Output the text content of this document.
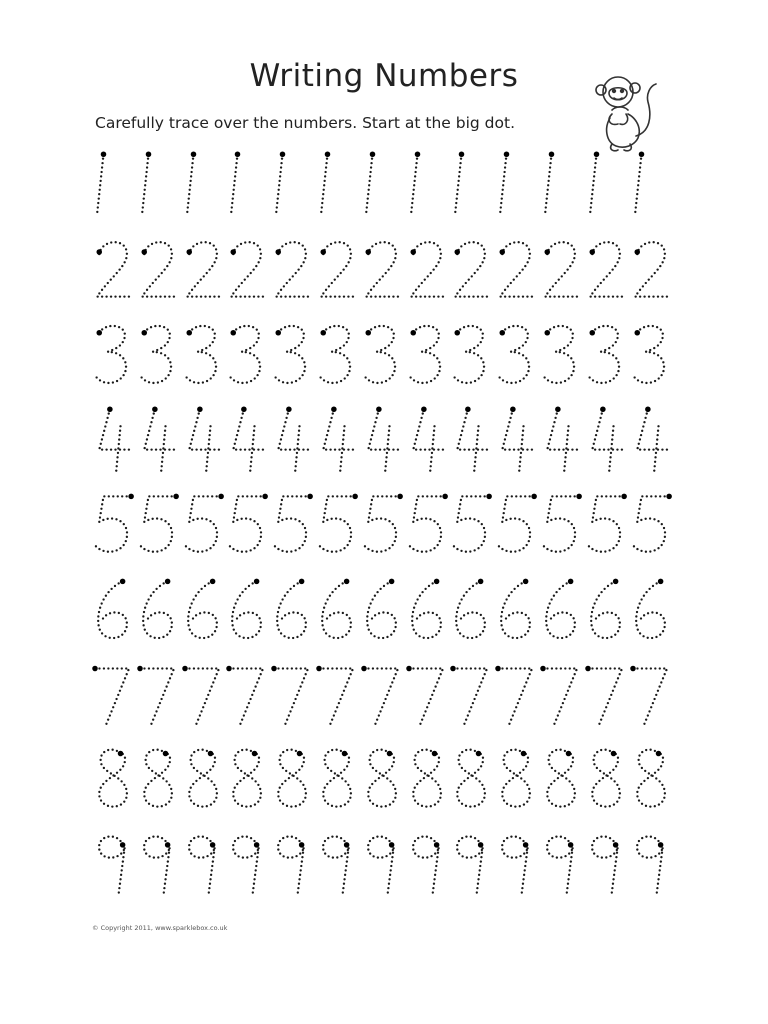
Writing Numbers
Carefully trace over the numbers. Start at the big dot.
© Copyright 2011, www.sparklebox.co.uk
